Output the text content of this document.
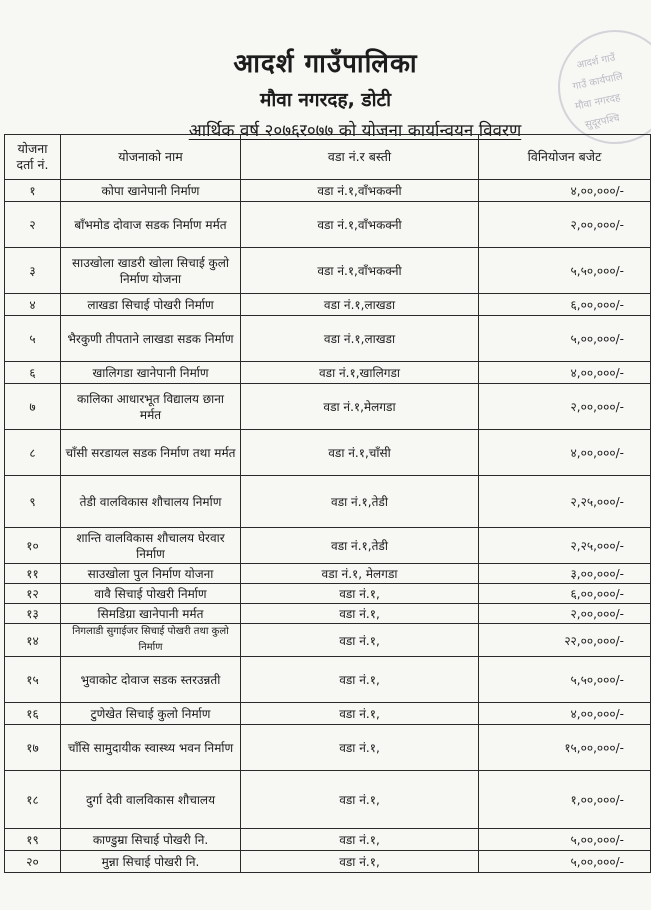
आदर्श गाउँपालिका
मौवा नगरदह, डोटी
आर्थिक वर्ष २०७६र०७७ को योजना कार्यान्वयन विवरण
आदर्श गाउँ
गाउँ कार्यपालि
मौवा नगरदह
सुदूरपश्चि
योजना दर्ता नं.	योजनाको नाम	वडा नं.र बस्ती	विनियोजन बजेट
१	कोपा खानेपानी निर्माण	वडा नं.१,वाँभकक्नी	४,००,०००/-
२	बाँभमोड दोवाज सडक निर्माण मर्मत	वडा नं.१,वाँभकक्नी	२,००,०००/-
३	साउखोला खाडरी खोला सिचाई कुलो निर्माण योजना	वडा नं.१,वाँभकक्नी	५,५०,०००/-
४	लाखडा सिचाई पोखरी निर्माण	वडा नं.१,लाखडा	६,००,०००/-
५	भैरकुणी तीपताने लाखडा सडक निर्माण	वडा नं.१,लाखडा	५,००,०००/-
६	खालिगडा खानेपानी निर्माण	वडा नं.१,खालिगडा	४,००,०००/-
७	कालिका आधारभूत विद्यालय छाना मर्मत	वडा नं.१,मेलगडा	२,००,०००/-
८	चाँसी सरडायल सडक निर्माण तथा मर्मत	वडा नं.१,चाँसी	४,००,०००/-
९	तेडी वालविकास शौचालय निर्माण	वडा नं.१,तेडी	२,२५,०००/-
१०	शान्ति वालविकास शौचालय घेरवार निर्माण	वडा नं.१,तेडी	२,२५,०००/-
११	साउखोला पुल निर्माण योजना	वडा नं.१, मेलगडा	३,००,०००/-
१२	वावै सिचाई पोखरी निर्माण	वडा नं.१,	६,००,०००/-
१३	सिमडिग्रा खानेपानी मर्मत	वडा नं.१,	२,००,०००/-
१४	निगलाडी सुगाईजर सिचाई पोखरी तथा कुलो निर्माण	वडा नं.१,	२२,००,०००/-
१५	भुवाकोट दोवाज सडक स्तरउन्नती	वडा नं.१,	५,५०,०००/-
१६	टुणेखेत सिचाई कुलो निर्माण	वडा नं.१,	४,००,०००/-
१७	चाँसि सामुदायीक स्वास्थ्य भवन निर्माण	वडा नं.१,	१५,००,०००/-
१८	दुर्गा देवी वालविकास शौचालय	वडा नं.१,	१,००,०००/-
१९	काण्डुम्रा सिचाई पोखरी नि.	वडा नं.१,	५,००,०००/-
२०	मुन्ना सिचाई पोखरी नि.	वडा नं.१,	५,००,०००/-
